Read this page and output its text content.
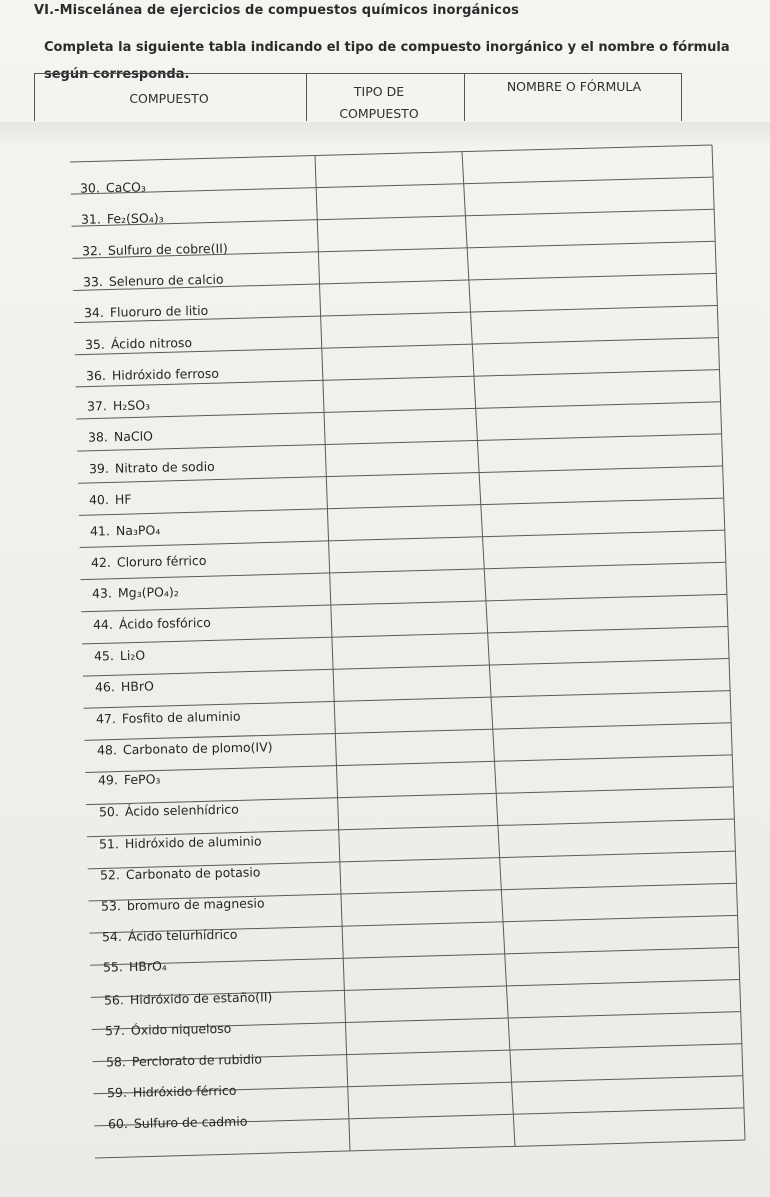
VI.-Miscelánea de ejercicios de compuestos químicos inorgánicos
Completa la siguiente tabla indicando el tipo de compuesto inorgánico y el nombre o fórmula
según corresponda.
COMPUESTO	TIPO DE
COMPUESTO
NOMBRE O FÓRMULA
30. CaCO₃
31. Fe₂(SO₄)₃
32. Sulfuro de cobre(II)
33. Selenuro de calcio
34. Fluoruro de litio
35. Ácido nitroso
36. Hidróxido ferroso
37. H₂SO₃
38. NaClO
39. Nitrato de sodio
40. HF
41. Na₃PO₄
42. Cloruro férrico
43. Mg₃(PO₄)₂
44. Ácido fosfórico
45. Li₂O
46. HBrO
47. Fosfito de aluminio
48. Carbonato de plomo(IV)
49. FePO₃
50. Ácido selenhídrico
51. Hidróxido de aluminio
52. Carbonato de potasio
53. bromuro de magnesio
54. Ácido telurhídrico
55. HBrO₄
56. Hidróxido de estaño(II)
57. Óxido niqueloso
58. Perclorato de rubidio
59. Hidróxido férrico
60. Sulfuro de cadmio
